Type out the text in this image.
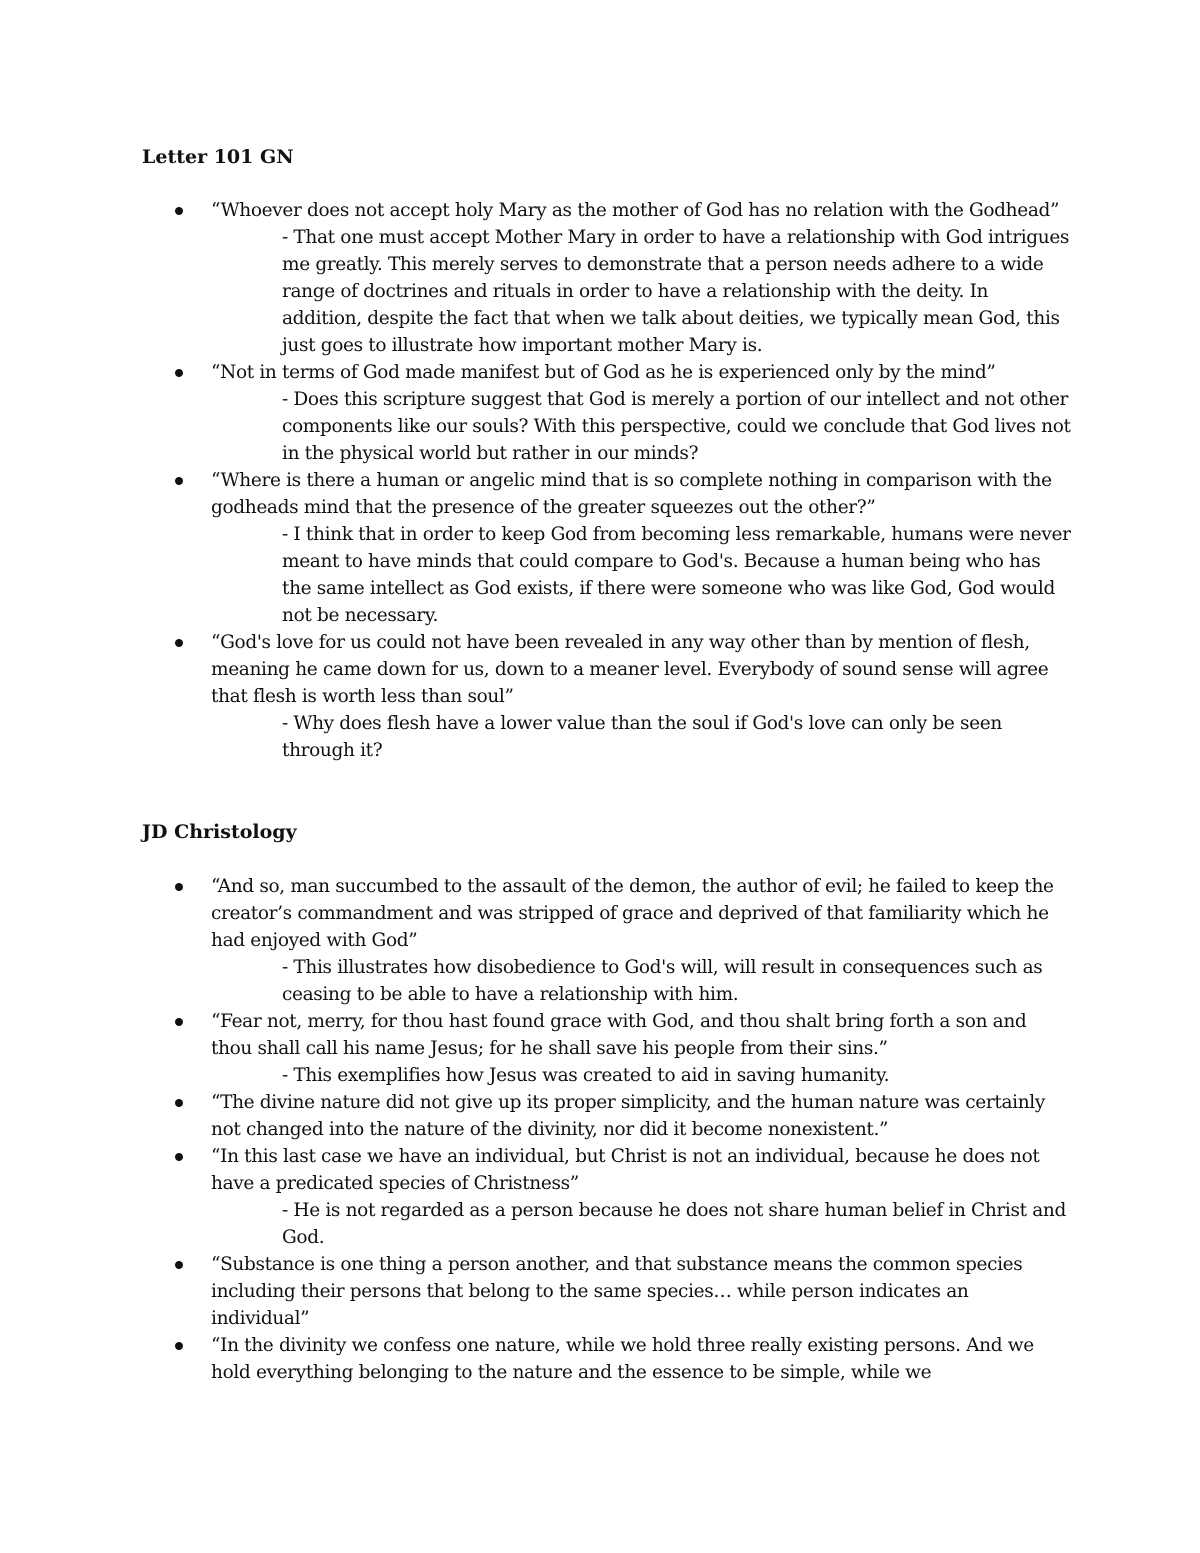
Letter 101 GN
“Whoever does not accept holy Mary as the mother of God has no relation with the Godhead”
- That one must accept Mother Mary in order to have a relationship with God intrigues me greatly. This merely serves to demonstrate that a person needs adhere to a wide range of doctrines and rituals in order to have a relationship with the deity. In addition, despite the fact that when we talk about deities, we typically mean God, this just goes to illustrate how important mother Mary is.
“Not in terms of God made manifest but of God as he is experienced only by the mind”
- Does this scripture suggest that God is merely a portion of our intellect and not other components like our souls? With this perspective, could we conclude that God lives not in the physical world but rather in our minds?
“Where is there a human or angelic mind that is so complete nothing in comparison with the godheads mind that the presence of the greater squeezes out the other?”
- I think that in order to keep God from becoming less remarkable, humans were never meant to have minds that could compare to God's. Because a human being who has the same intellect as God exists, if there were someone who was like God, God would not be necessary.
“God's love for us could not have been revealed in any way other than by mention of flesh, meaning he came down for us, down to a meaner level. Everybody of sound sense will agree that flesh is worth less than soul”
- Why does flesh have a lower value than the soul if God's love can only be seen through it?
JD Christology
“And so, man succumbed to the assault of the demon, the author of evil; he failed to keep the creator’s commandment and was stripped of grace and deprived of that familiarity which he had enjoyed with God”
- This illustrates how disobedience to God's will, will result in consequences such as ceasing to be able to have a relationship with him.
“Fear not, merry, for thou hast found grace with God, and thou shalt bring forth a son and thou shall call his name Jesus; for he shall save his people from their sins.”
- This exemplifies how Jesus was created to aid in saving humanity.
“The divine nature did not give up its proper simplicity, and the human nature was certainly not changed into the nature of the divinity, nor did it become nonexistent.”
“In this last case we have an individual, but Christ is not an individual, because he does not have a predicated species of Christness”
- He is not regarded as a person because he does not share human belief in Christ and God.
“Substance is one thing a person another, and that substance means the common species including their persons that belong to the same species… while person indicates an individual”
“In the divinity we confess one nature, while we hold three really existing persons. And we hold everything belonging to the nature and the essence to be simple, while we
